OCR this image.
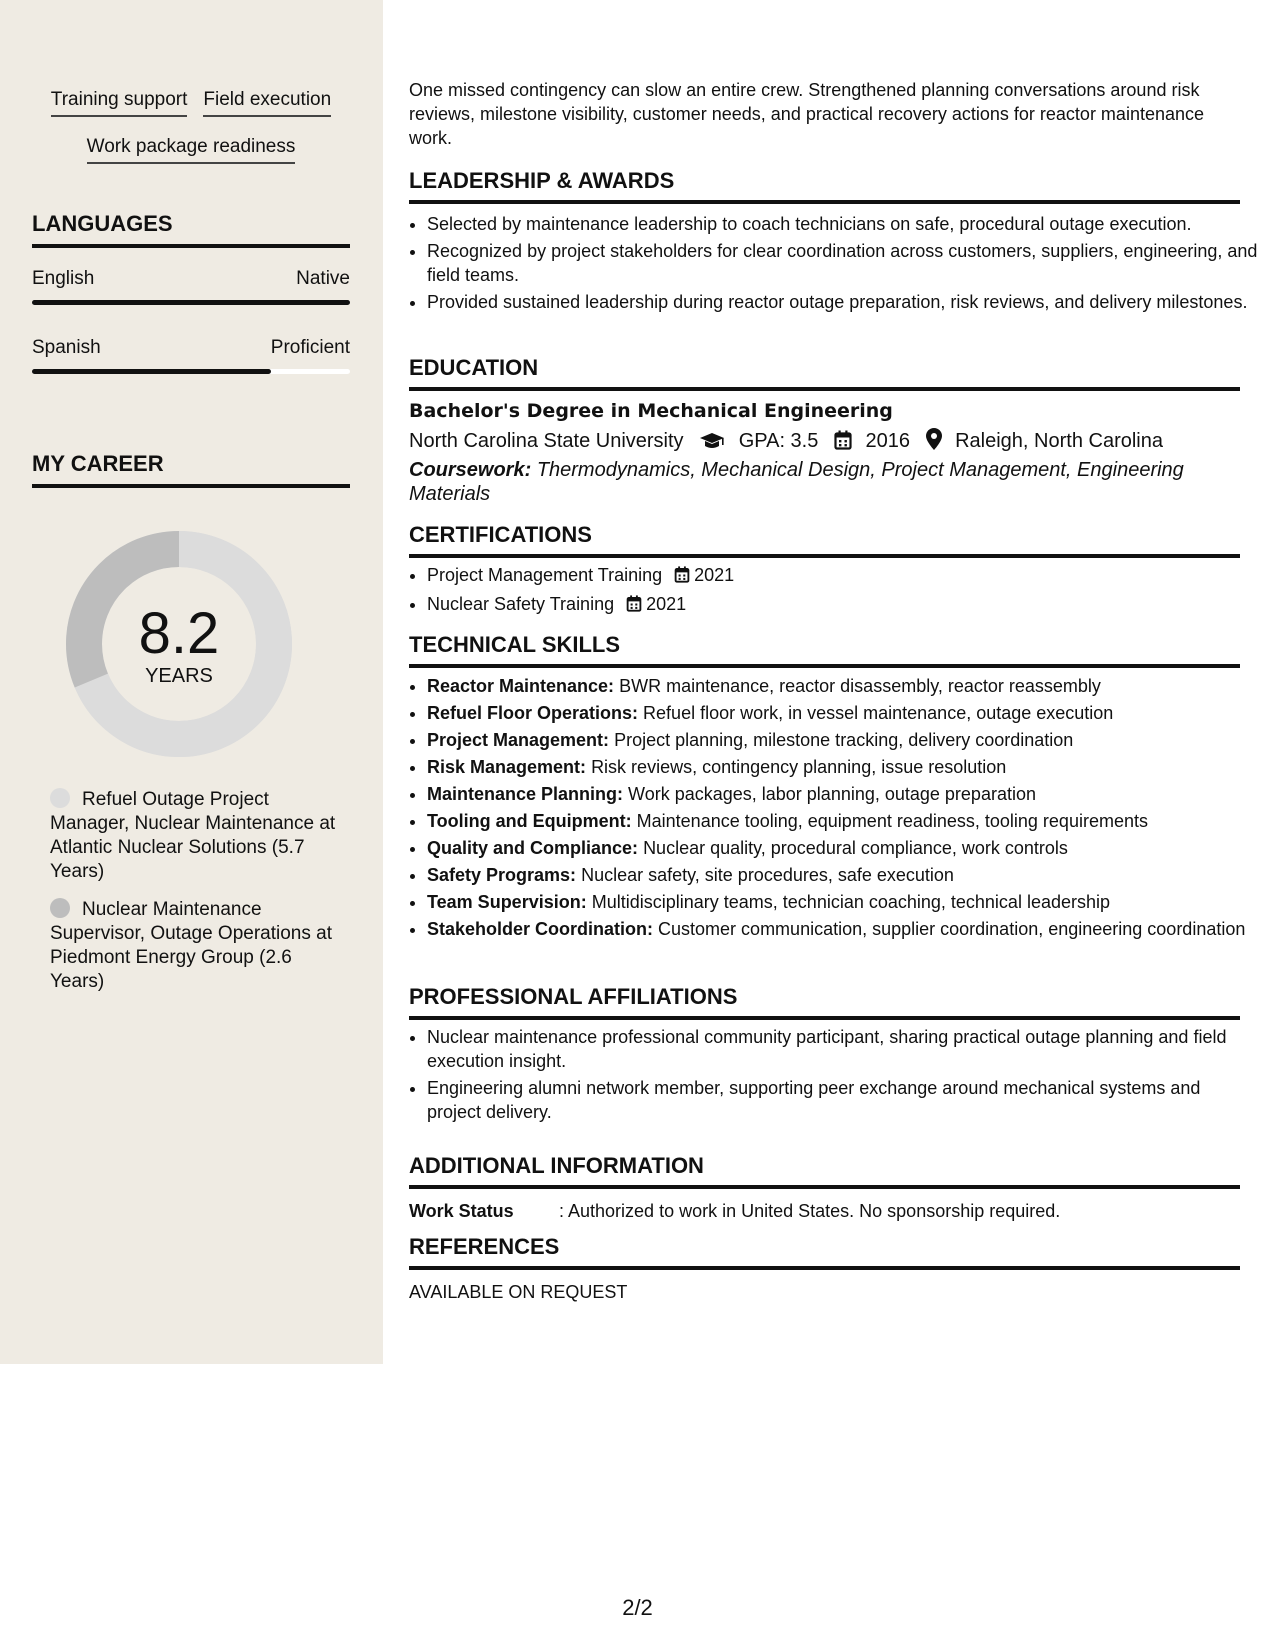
Training support Field execution
Work package readiness
LANGUAGES
English	Native
Spanish	Proficient
MY CAREER
8.2
YEARS
Refuel Outage Project Manager, Nuclear Maintenance at Atlantic Nuclear Solutions (5.7 Years)
Nuclear Maintenance Supervisor, Outage Operations at Piedmont Energy Group (2.6 Years)
One missed contingency can slow an entire crew. Strengthened planning conversations around risk reviews, milestone visibility, customer needs, and practical recovery actions for reactor maintenance work.
LEADERSHIP & AWARDS
• Selected by maintenance leadership to coach technicians on safe, procedural outage execution.
• Recognized by project stakeholders for clear coordination across customers, suppliers, engineering, and field teams.
• Provided sustained leadership during reactor outage preparation, risk reviews, and delivery milestones.
EDUCATION
Bachelor's Degree in Mechanical Engineering
North Carolina State University	GPA: 3.5 2016 Raleigh, North Carolina
Coursework: Thermodynamics, Mechanical Design, Project Management, Engineering Materials
CERTIFICATIONS
• Project Management Training 2021
• Nuclear Safety Training 2021
TECHNICAL SKILLS
• Reactor Maintenance: BWR maintenance, reactor disassembly, reactor reassembly
• Refuel Floor Operations: Refuel floor work, in vessel maintenance, outage execution
• Project Management: Project planning, milestone tracking, delivery coordination
• Risk Management: Risk reviews, contingency planning, issue resolution
• Maintenance Planning: Work packages, labor planning, outage preparation
• Tooling and Equipment: Maintenance tooling, equipment readiness, tooling requirements
• Quality and Compliance: Nuclear quality, procedural compliance, work controls
• Safety Programs: Nuclear safety, site procedures, safe execution
• Team Supervision: Multidisciplinary teams, technician coaching, technical leadership
• Stakeholder Coordination: Customer communication, supplier coordination, engineering coordination
PROFESSIONAL AFFILIATIONS
• Nuclear maintenance professional community participant, sharing practical outage planning and field execution insight.
• Engineering alumni network member, supporting peer exchange around mechanical systems and project delivery.
ADDITIONAL INFORMATION
Work Status	: Authorized to work in United States. No sponsorship required.
REFERENCES
AVAILABLE ON REQUEST
2/2
